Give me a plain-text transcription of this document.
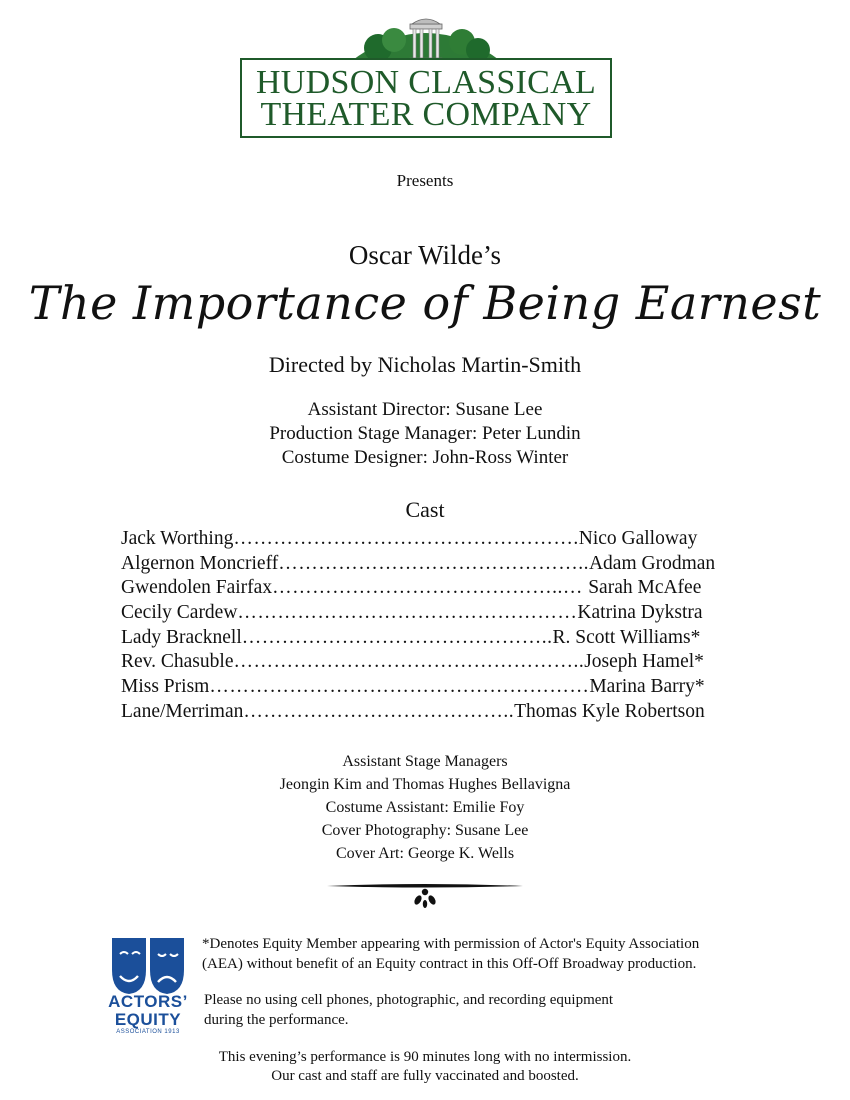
HUDSON CLASSICAL
THEATER COMPANY
Presents
Oscar Wilde’s
The Importance of Being Earnest
Directed by Nicholas Martin-Smith
Assistant Director: Susane Lee
Production Stage Manager: Peter Lundin
Costume Designer: John-Ross Winter
Cast
Jack Worthing…………………………………………….Nico Galloway
Algernon Moncrieff………………………………………..Adam Grodman
Gwendolen Fairfax……………………………………..… Sarah McAfee
Cecily Cardew……………………………………………Katrina Dykstra
Lady Bracknell………………………………………..R. Scott Williams*
Rev. Chasuble……………………………………………..Joseph Hamel*
Miss Prism…………………………………………………Marina Barry*
Lane/Merriman…………………………………..Thomas Kyle Robertson
Assistant Stage Managers
Jeongin Kim and Thomas Hughes Bellavigna
Costume Assistant: Emilie Foy
Cover Photography: Susane Lee
Cover Art: George K. Wells
ACTORS’
EQUITY
ASSOCIATION 1913
*Denotes Equity Member appearing with permission of Actor's Equity Association
(AEA) without benefit of an Equity contract in this Off-Off Broadway production.
Please no using cell phones, photographic, and recording equipment
during the performance.
This evening’s performance is 90 minutes long with no intermission.
Our cast and staff are fully vaccinated and boosted.
